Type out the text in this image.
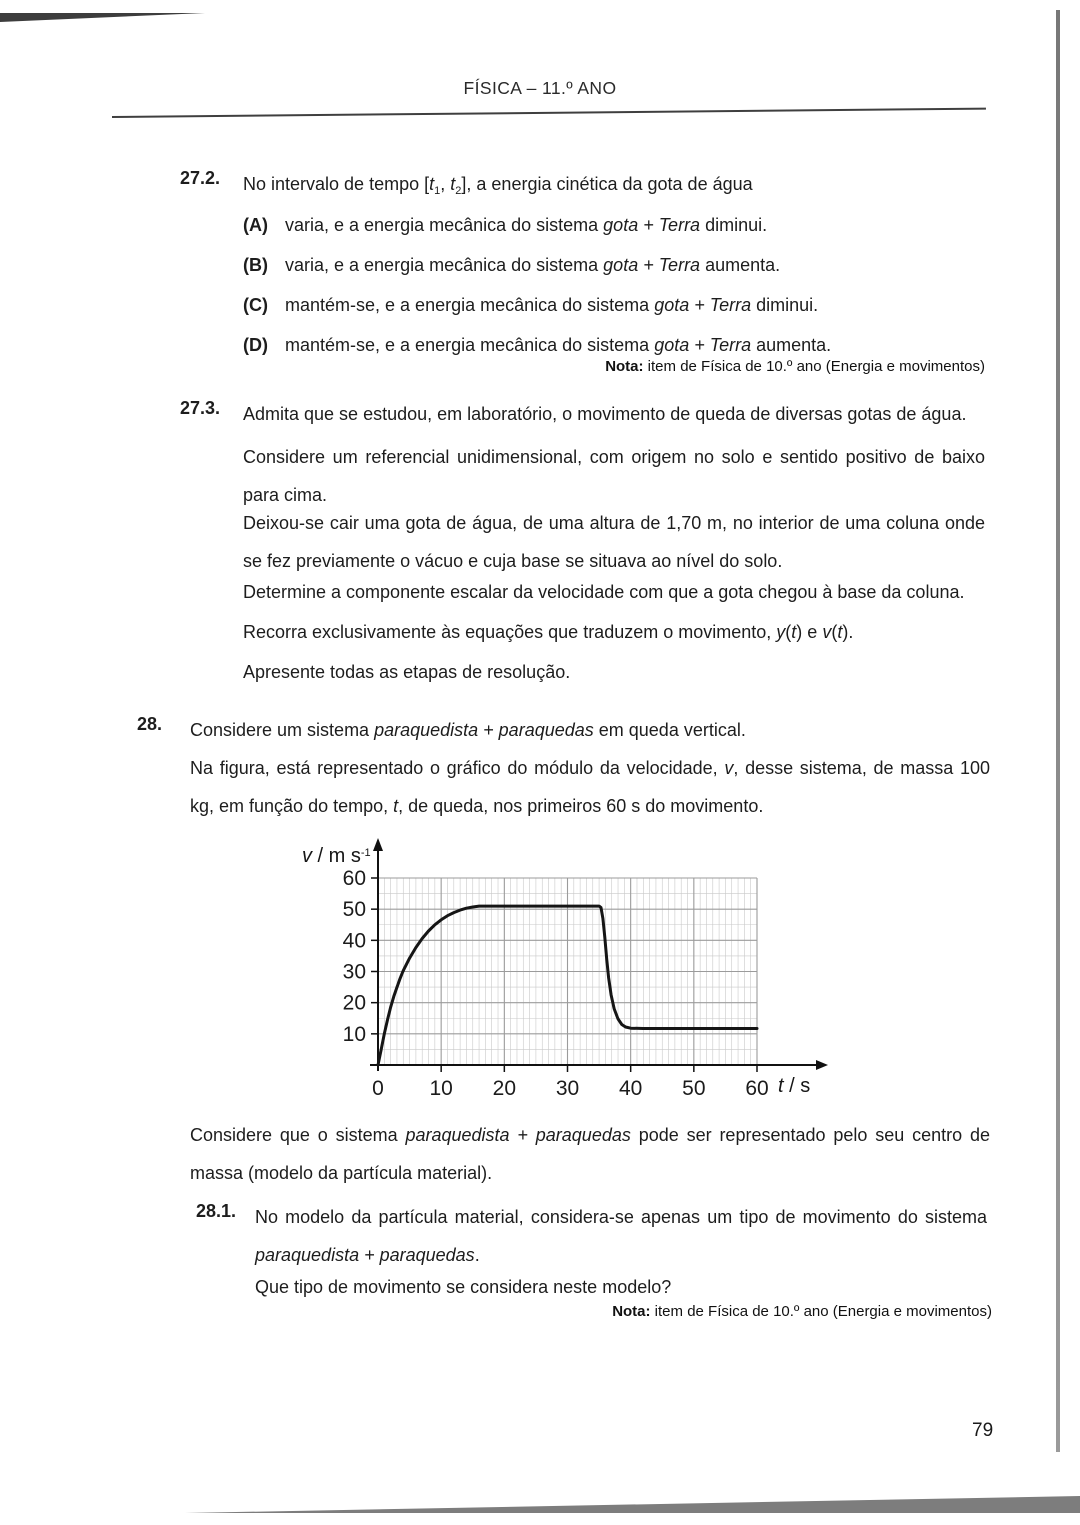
FÍSICA – 11.º ANO
27.2. No intervalo de tempo [$t_1$, $t_2$], a energia cinética da gota de água
(A) varia, e a energia mecânica do sistema gota + Terra diminui.
(B) varia, e a energia mecânica do sistema gota + Terra aumenta.
(C) mantém-se, e a energia mecânica do sistema gota + Terra diminui.
(D) mantém-se, e a energia mecânica do sistema gota + Terra aumenta.
Nota: item de Física de 10.º ano (Energia e movimentos)
27.3. Admita que se estudou, em laboratório, o movimento de queda de diversas gotas de água.
Considere um referencial unidimensional, com origem no solo e sentido positivo de baixo para cima.
Deixou-se cair uma gota de água, de uma altura de 1,70 m, no interior de uma coluna onde se fez previamente o vácuo e cuja base se situava ao nível do solo.
Determine a componente escalar da velocidade com que a gota chegou à base da coluna.
Recorra exclusivamente às equações que traduzem o movimento, y(t) e v(t).
Apresente todas as etapas de resolução.
28. Considere um sistema paraquedista + paraquedas em queda vertical.
Na figura, está representado o gráfico do módulo da velocidade, v, desse sistema, de massa 100 kg, em função do tempo, t, de queda, nos primeiros 60 s do movimento.
0 10 20 30 40 50 60
10
20
30
40
50
60
v / m $s^{-1}$
t / s
Considere que o sistema paraquedista + paraquedas pode ser representado pelo seu centro de massa (modelo da partícula material).
28.1. No modelo da partícula material, considera-se apenas um tipo de movimento do sistema paraquedista + paraquedas.
Que tipo de movimento se considera neste modelo?
Nota: item de Física de 10.º ano (Energia e movimentos)
79
